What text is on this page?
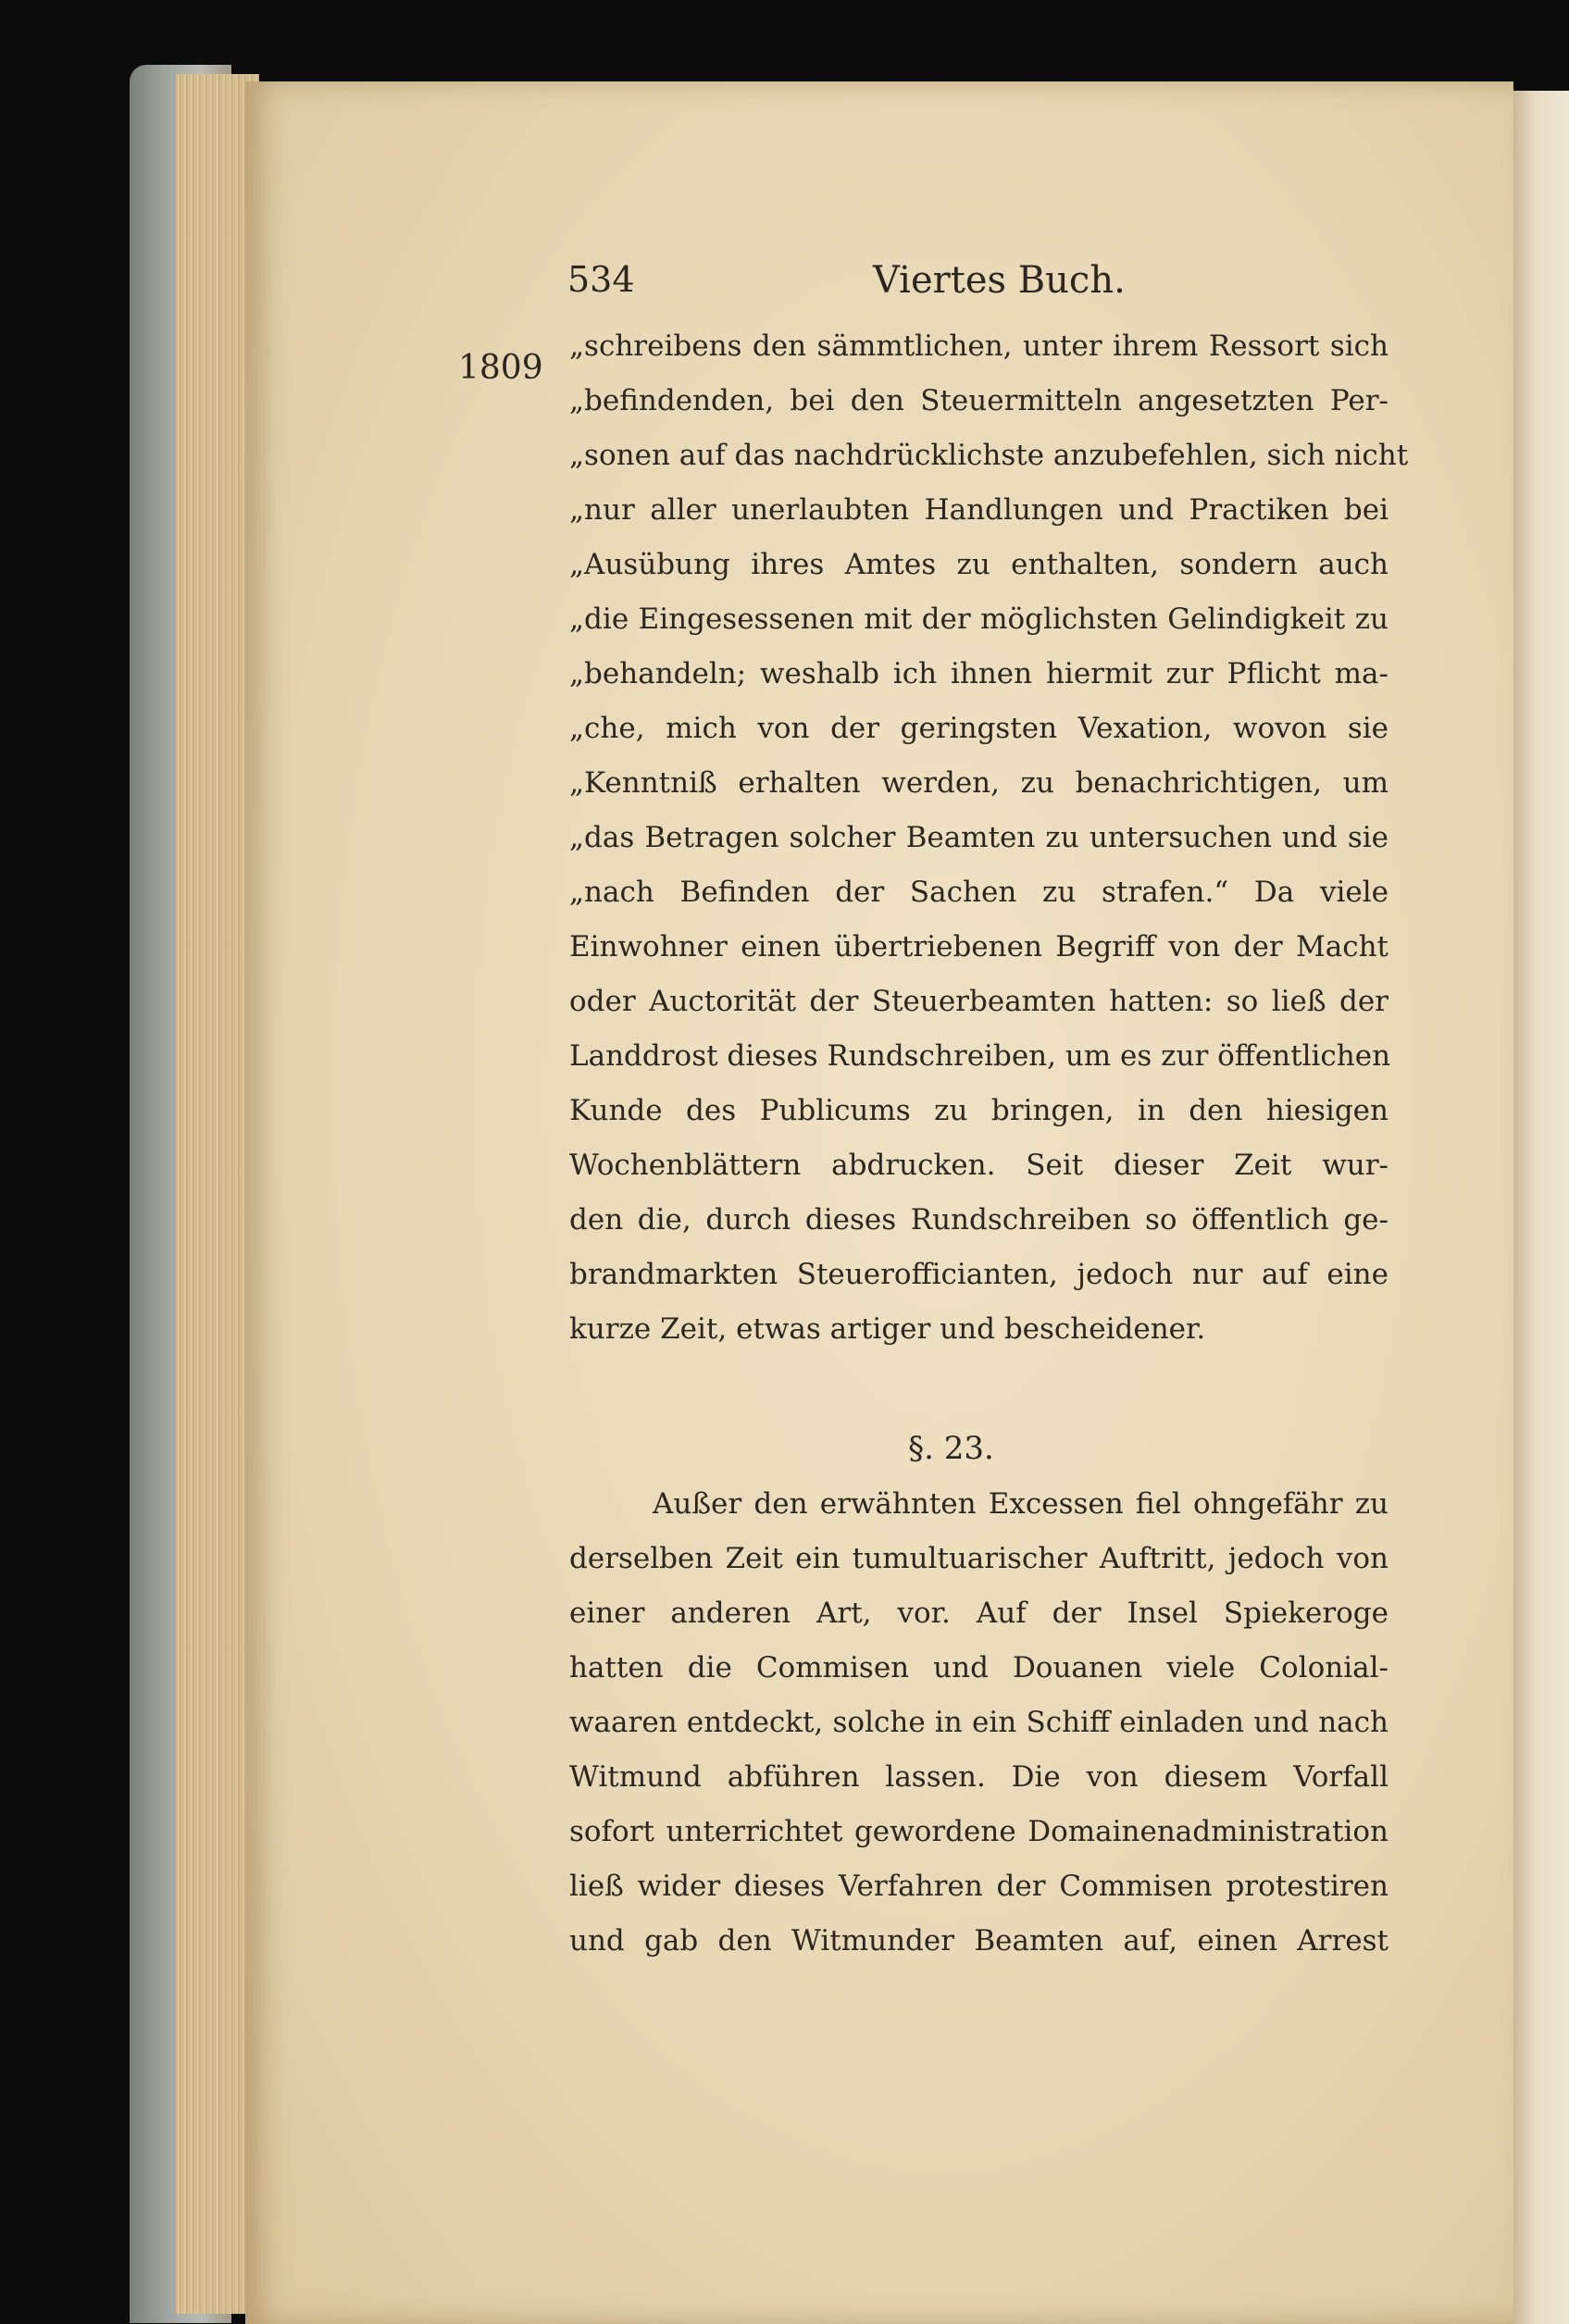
534	Viertes Buch.
1809
„schreibens den sämmtlichen, unter ihrem Ressort sich
„befindenden, bei den Steuermitteln angesetzten Per-
„sonen auf das nachdrücklichste anzubefehlen, sich nicht
„nur aller unerlaubten Handlungen und Practiken bei
„Ausübung ihres Amtes zu enthalten, sondern auch
„die Eingesessenen mit der möglichsten Gelindigkeit zu
„behandeln; weshalb ich ihnen hiermit zur Pflicht ma-
„che, mich von der geringsten Vexation, wovon sie
„Kenntniß erhalten werden, zu benachrichtigen, um
„das Betragen solcher Beamten zu untersuchen und sie
„nach Befinden der Sachen zu strafen.“ Da viele
Einwohner einen übertriebenen Begriff von der Macht
oder Auctorität der Steuerbeamten hatten: so ließ der
Landdrost dieses Rundschreiben, um es zur öffentlichen
Kunde des Publicums zu bringen, in den hiesigen
Wochenblättern abdrucken. Seit dieser Zeit wur-
den die, durch dieses Rundschreiben so öffentlich ge-
brandmarkten Steuerofficianten, jedoch nur auf eine
kurze Zeit, etwas artiger und bescheidener.
§. 23.
Außer den erwähnten Excessen fiel ohngefähr zu
derselben Zeit ein tumultuarischer Auftritt, jedoch von
einer anderen Art, vor. Auf der Insel Spiekeroge
hatten die Commisen und Douanen viele Colonial-
waaren entdeckt, solche in ein Schiff einladen und nach
Witmund abführen lassen. Die von diesem Vorfall
sofort unterrichtet gewordene Domainenadministration
ließ wider dieses Verfahren der Commisen protestiren
und gab den Witmunder Beamten auf, einen Arrest
